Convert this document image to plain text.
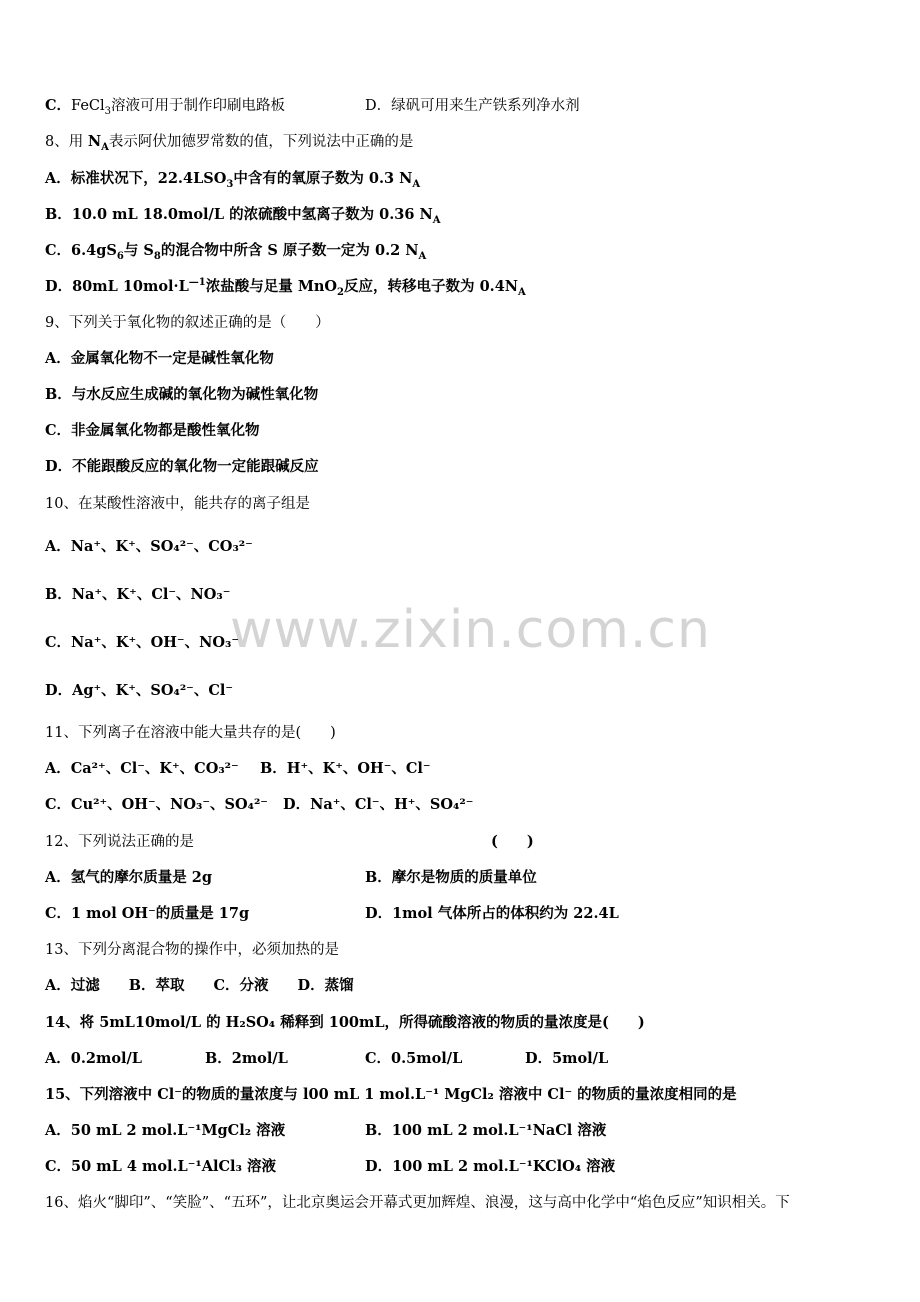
www.zixin.com.cn
C．FeCl$_3$溶液可用于制作印刷电路板	D．绿矾可用来生产铁系列净水剂
8、用 $N_A$表示阿伏加德罗常数的值，下列说法中正确的是
A．标准状况下，$22.4LSO_3$中含有的氧原子数为 0.3 $N_A$
B．10.0 mL 18.0mol/L 的浓硫酸中氢离子数为 0.36 $N_A$
C．$6.4gS_6$与 $S_8$的混合物中所含 S 原子数一定为 0.2 $N_A$
D．80mL $10mol\cdot L^{—1}$浓盐酸与足量 MnO$_2$反应，转移电子数为 $0.4N_A$
9、下列关于氧化物的叙述正确的是（　　）
A．金属氧化物不一定是碱性氧化物
B．与水反应生成碱的氧化物为碱性氧化物
C．非金属氧化物都是酸性氧化物
D．不能跟酸反应的氧化物一定能跟碱反应
10、在某酸性溶液中，能共存的离子组是
A．Na⁺、K⁺、SO₄²⁻、CO₃²⁻
B．Na⁺、K⁺、Cl⁻、NO₃⁻
C．Na⁺、K⁺、OH⁻、NO₃⁻
D．Ag⁺、K⁺、SO₄²⁻、Cl⁻
11、下列离子在溶液中能大量共存的是(　　)
A．Ca²⁺、Cl⁻、K⁺、CO₃²⁻ B．H⁺、K⁺、OH⁻、Cl⁻
C．Cu²⁺、OH⁻、NO₃⁻、SO₄²⁻ D．Na⁺、Cl⁻、H⁺、SO₄²⁻
12、下列说法正确的是	(　　)
A．氢气的摩尔质量是 2g	B．摩尔是物质的质量单位
C．1 mol OH⁻的质量是 17g	D．1mol 气体所占的体积约为 22.4L
13、下列分离混合物的操作中，必须加热的是
A．过滤　　B．萃取　　C．分液　　D．蒸馏
14、将 5mL10mol/L 的 H₂SO₄ 稀释到 100mL，所得硫酸溶液的物质的量浓度是(　　)
A．0.2mol/L	B．2mol/L	C．0.5mol/L	D．5mol/L
15、下列溶液中 Cl⁻的物质的量浓度与 l00 mL 1 mol.L⁻¹ MgCl₂ 溶液中 Cl⁻ 的物质的量浓度相同的是
A．50 mL 2 mol.L⁻¹MgCl₂ 溶液	B．100 mL 2 mol.L⁻¹NaCl 溶液
C．50 mL 4 mol.L⁻¹AlCl₃ 溶液	D．100 mL 2 mol.L⁻¹KClO₄ 溶液
16、焰火“脚印”、“笑脸”、“五环”，让北京奥运会开幕式更加辉煌、浪漫，这与高中化学中“焰色反应”知识相关。下
